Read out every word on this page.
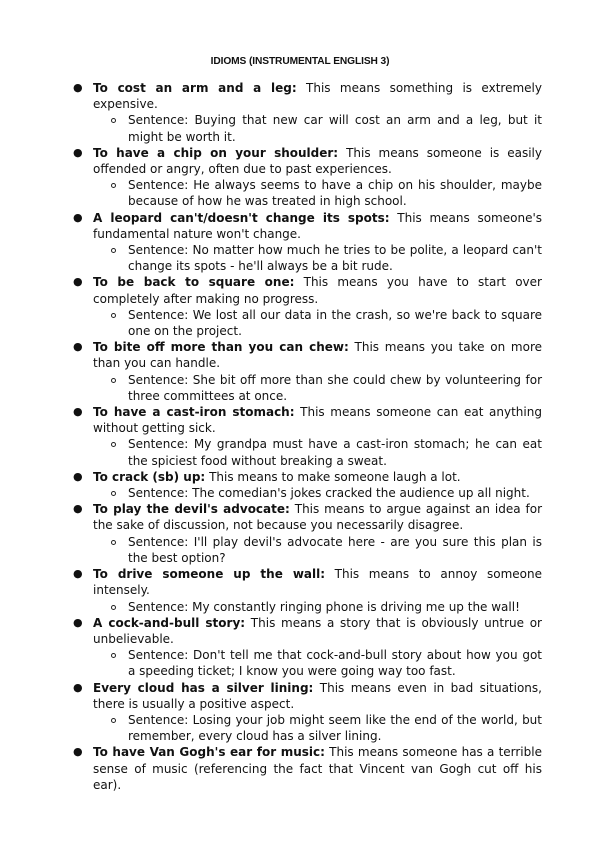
IDIOMS (INSTRUMENTAL ENGLISH 3)
● To cost an arm and a leg: This means something is extremely expensive.
Sentence: Buying that new car will cost an arm and a leg, but it might be worth it.
● To have a chip on your shoulder: This means someone is easily offended or angry, often due to past experiences.
Sentence: He always seems to have a chip on his shoulder, maybe because of how he was treated in high school.
● A leopard can't/doesn't change its spots: This means someone's fundamental nature won't change.
Sentence: No matter how much he tries to be polite, a leopard can't change its spots - he'll always be a bit rude.
● To be back to square one: This means you have to start over completely after making no progress.
Sentence: We lost all our data in the crash, so we're back to square one on the project.
● To bite off more than you can chew: This means you take on more than you can handle.
Sentence: She bit off more than she could chew by volunteering for three committees at once.
● To have a cast-iron stomach: This means someone can eat anything without getting sick.
Sentence: My grandpa must have a cast-iron stomach; he can eat the spiciest food without breaking a sweat.
● To crack (sb) up: This means to make someone laugh a lot.
Sentence: The comedian's jokes cracked the audience up all night.
● To play the devil's advocate: This means to argue against an idea for the sake of discussion, not because you necessarily disagree.
Sentence: I'll play devil's advocate here - are you sure this plan is the best option?
● To drive someone up the wall: This means to annoy someone intensely.
Sentence: My constantly ringing phone is driving me up the wall!
● A cock-and-bull story: This means a story that is obviously untrue or unbelievable.
Sentence: Don't tell me that cock-and-bull story about how you got a speeding ticket; I know you were going way too fast.
● Every cloud has a silver lining: This means even in bad situations, there is usually a positive aspect.
Sentence: Losing your job might seem like the end of the world, but remember, every cloud has a silver lining.
● To have Van Gogh's ear for music: This means someone has a terrible sense of music (referencing the fact that Vincent van Gogh cut off his ear).
